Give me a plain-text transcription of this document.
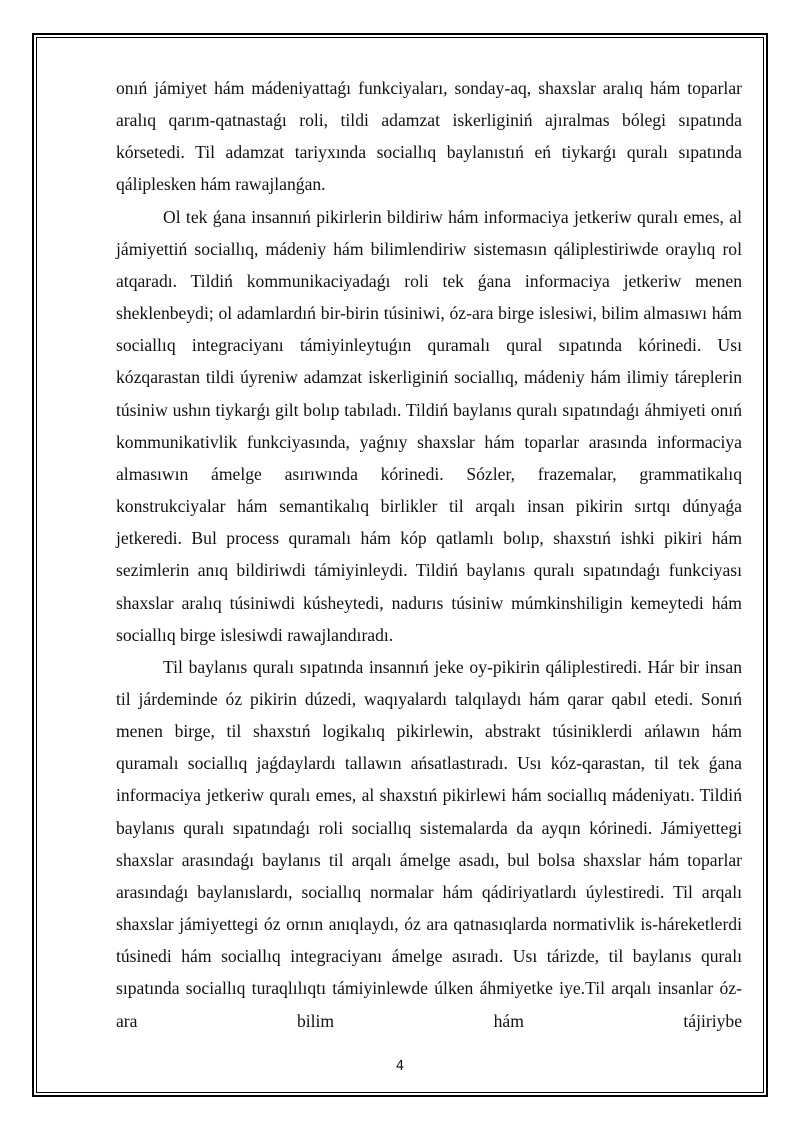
onıń jámiyet hám mádeniyattaǵı funkciyaları, sonday-aq, shaxslar aralıq hám toparlar aralıq qarım-qatnastaǵı roli, tildi adamzat iskerliginiń ajıralmas bólegi sıpatında kórsetedi. Til adamzat tariyxında sociallıq baylanıstıń eń tiykarǵı quralı sıpatında qáliplesken hám rawajlanǵan.

Ol tek ǵana insannıń pikirlerin bildiriw hám informaciya jetkeriw quralı emes, al jámiyettiń sociallıq, mádeniy hám bilimlendiriw sistemasın qáliplestiriwde oraylıq rol atqaradı. Tildiń kommunikaciyadaǵı roli tek ǵana informaciya jetkeriw menen sheklenbeydi; ol adamlardıń bir-birin túsiniwi, óz-ara birge islesiwi, bilim almasıwı hám sociallıq integraciyanı támiyinleytuǵın quramalı qural sıpatında kórinedi. Usı kózqarastan tildi úyreniw adamzat iskerliginiń sociallıq, mádeniy hám ilimiy táreplerin túsiniw ushın tiykarǵı gilt bolıp tabıladı. Tildiń baylanıs quralı sıpatındaǵı áhmiyeti onıń kommunikativlik funkciyasında, yaǵnıy shaxslar hám toparlar arasında informaciya almasıwın ámelge asırıwında kórinedi. Sózler, frazemalar, grammatikalıq konstrukciyalar hám semantikalıq birlikler til arqalı insan pikirin sırtqı dúnyaǵa jetkeredi. Bul process quramalı hám kóp qatlamlı bolıp, shaxstıń ishki pikiri hám sezimlerin anıq bildiriwdi támiyinleydi. Tildiń baylanıs quralı sıpatındaǵı funkciyası shaxslar aralıq túsiniwdi kúsheytedi, nadurıs túsiniw múmkinshiligin kemeytedi hám sociallıq birge islesiwdi rawajlandıradı.

Til baylanıs quralı sıpatında insannıń jeke oy-pikirin qáliplestiredi. Hár bir insan til járdeminde óz pikirin dúzedi, waqıyalardı talqılaydı hám qarar qabıl etedi. Sonıń menen birge, til shaxstıń logikalıq pikirlewin, abstrakt túsiniklerdi ańlawın hám quramalı sociallıq jaǵdaylardı tallawın ańsatlastıradı. Usı kóz-qarastan, til tek ǵana informaciya jetkeriw quralı emes, al shaxstıń pikirlewi hám sociallıq mádeniyatı. Tildiń baylanıs quralı sıpatındaǵı roli sociallıq sistemalarda da ayqın kórinedi. Jámiyettegi shaxslar arasındaǵı baylanıs til arqalı ámelge asadı, bul bolsa shaxslar hám toparlar arasındaǵı baylanıslardı, sociallıq normalar hám qádiriyatlardı úylestiredi. Til arqalı shaxslar jámiyettegi óz ornın anıqlaydı, óz ara qatnasıqlarda normativlik is-háreketlerdi túsinedi hám sociallıq integraciyanı ámelge asıradı. Usı tárizde, til baylanıs quralı sıpatında sociallıq turaqlılıqtı támiyinlewde úlken áhmiyetke iye.Til arqalı insanlar óz-ara bilim hám tájiriybe

4
